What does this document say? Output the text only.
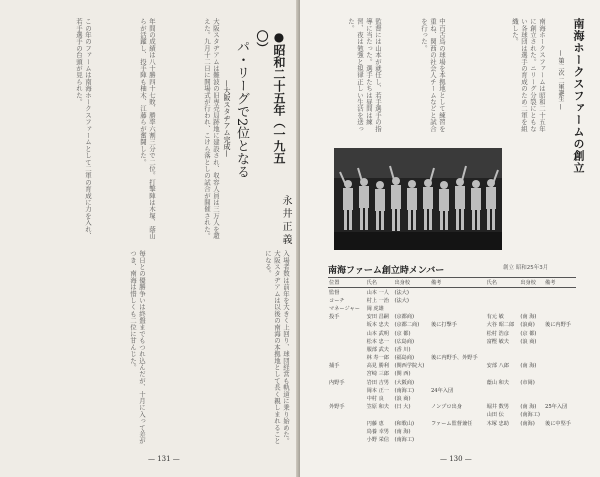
この年のファームは南海ホークスファームとして二軍の育成に力を入れ、若手選手の台頭が見られた。	年間の成績は八十勝四十七敗、勝率六割三分で二位。打撃陣は木塚、蔭山らが活躍し、投手陣も柚木、江藤らが奮闘した。	大阪スタヂアムは難波の旧専売局跡地に建設され、収容人員は三万人を超えた。九月十二日に開場式が行われ、こけら落としの試合が開催された。	●昭和二十五年（一九五〇）
パ・リーグで2位となる
—大阪スタヂアム完成—
永井正義
毎日との優勝争いは終盤までもつれ込んだが、十月に入って差がつき、南海は惜しくも二位に甘んじた。	入場者数は前年を大きく上回り、球団経営も軌道に乗り始めた。大阪スタヂアムは以後の南海の本拠地として長く親しまれることになる。
— 131 —
南海ホークスファームの創立
— 第二次 二軍誕生 —
南海ホークスファームは昭和二十五年に創立された。ニリーグ分裂にともない各球団は選手の育成のため二軍を組織した。
中百舌鳥の球場を本拠地として練習を重ね、関西の社会人チームなどと試合を行った。
監督には山本が就任し、若手選手の指導に当たった。選手たちは昼間は練習、夜は勉強と規律正しい生活を送った。
南海ファーム創立時メンバー	創立 昭和25年3月
位置	氏名	出身校	備考	氏名	出身校	備考
監督	山本 一人	(法大)				
コーチ	村上 一治	(法大)				
マネージャー	岡 虎雄					
投手	安田 昌嗣	(京都商)		有元 敏	(南 海)	
	坂本 忠夫	(京都二商)	後に打撃手	大谷 昭二郎	(浪商)	後に内野手
	山本 武明	(京 都)		松村 浩彦	(京 都)	
	松本 忠一	(広島商)		富樫 敏夫	(浪 商)	
	服部 武夫	(香 川)				
	林 寿一郎	(福島商)	後に内野手、外野手			
捕手	高見 勝利	(関西学院大)		安部 八郎	(南 海)	
	宮崎 三郎	(関 西)				
内野手	岩田 吉男	(大阪商)		蔭山 和夫	(市岡)	
	岡本 正一	(南海工)	24年入団			
	中村 良	(浪 商)				
外野手	笠原 和夫	(日 大)	ノンプロ出身	堀井 数男	(南 海)	25年入団
				山田 伝	(南海工)	
	円藤 恵	(和歌山)	ファーム監督兼任	木塚 忠助	(南海)	後に中堅手
	鳥養 幸男	(南 海)				
	小野 栄信	(南海工)				
— 130 —
